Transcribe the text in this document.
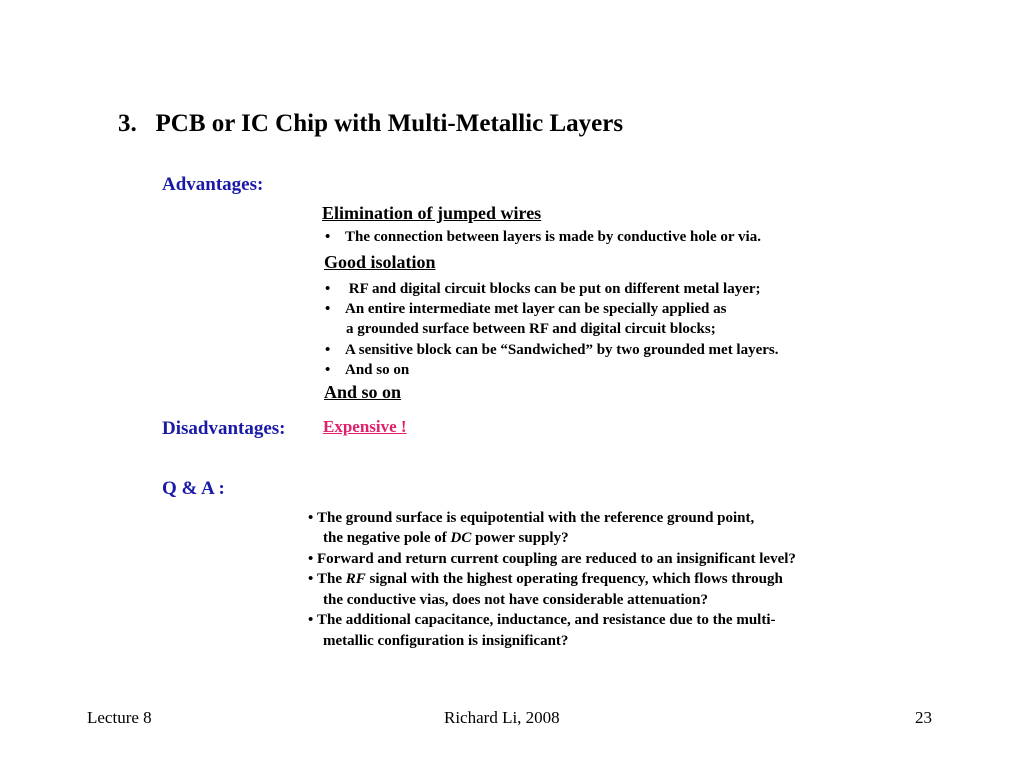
3. PCB or IC Chip with Multi-Metallic Layers
Advantages:
Elimination of jumped wires
• The connection between layers is made by conductive hole or via.
Good isolation
• RF and digital circuit blocks can be put on different metal layer;
• An entire intermediate met layer can be specially applied as
a grounded surface between RF and digital circuit blocks;
• A sensitive block can be “Sandwiched” by two grounded met layers.
• And so on
And so on
Disadvantages: Expensive !
Q & A :
• The ground surface is equipotential with the reference ground point,
the negative pole of DC power supply?
• Forward and return current coupling are reduced to an insignificant level?
• The RF signal with the highest operating frequency, which flows through
the conductive vias, does not have considerable attenuation?
• The additional capacitance, inductance, and resistance due to the multi-
metallic configuration is insignificant?
Lecture 8	Richard Li, 2008	23
